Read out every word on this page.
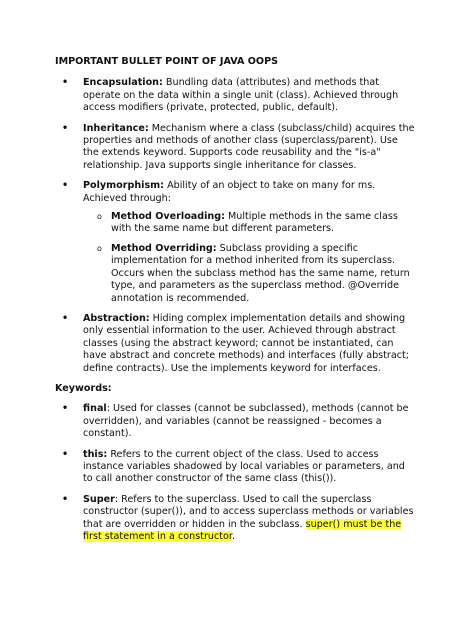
IMPORTANT BULLET POINT OF JAVA OOPS
• Encapsulation: Bundling data (attributes) and methods that operate on the data within a single unit (class). Achieved through access modifiers (private, protected, public, default).
• Inheritance: Mechanism where a class (subclass/child) acquires the properties and methods of another class (superclass/parent). Use the extends keyword. Supports code reusability and the "is-a" relationship. Java supports single inheritance for classes.
• Polymorphism: Ability of an object to take on many for ms. Achieved through:
o Method Overloading: Multiple methods in the same class with the same name but different parameters.
o Method Overriding: Subclass providing a specific implementation for a method inherited from its superclass. Occurs when the subclass method has the same name, return type, and parameters as the superclass method. @Override annotation is recommended.
• Abstraction: Hiding complex implementation details and showing only essential information to the user. Achieved through abstract classes (using the abstract keyword; cannot be instantiated, can have abstract and concrete methods) and interfaces (fully abstract; define contracts). Use the implements keyword for interfaces.
Keywords:
• final: Used for classes (cannot be subclassed), methods (cannot be overridden), and variables (cannot be reassigned - becomes a constant).
• this: Refers to the current object of the class. Used to access instance variables shadowed by local variables or parameters, and to call another constructor of the same class (this()).
• Super: Refers to the superclass. Used to call the superclass constructor (super()), and to access superclass methods or variables that are overridden or hidden in the subclass. super() must be the first statement in a constructor.
